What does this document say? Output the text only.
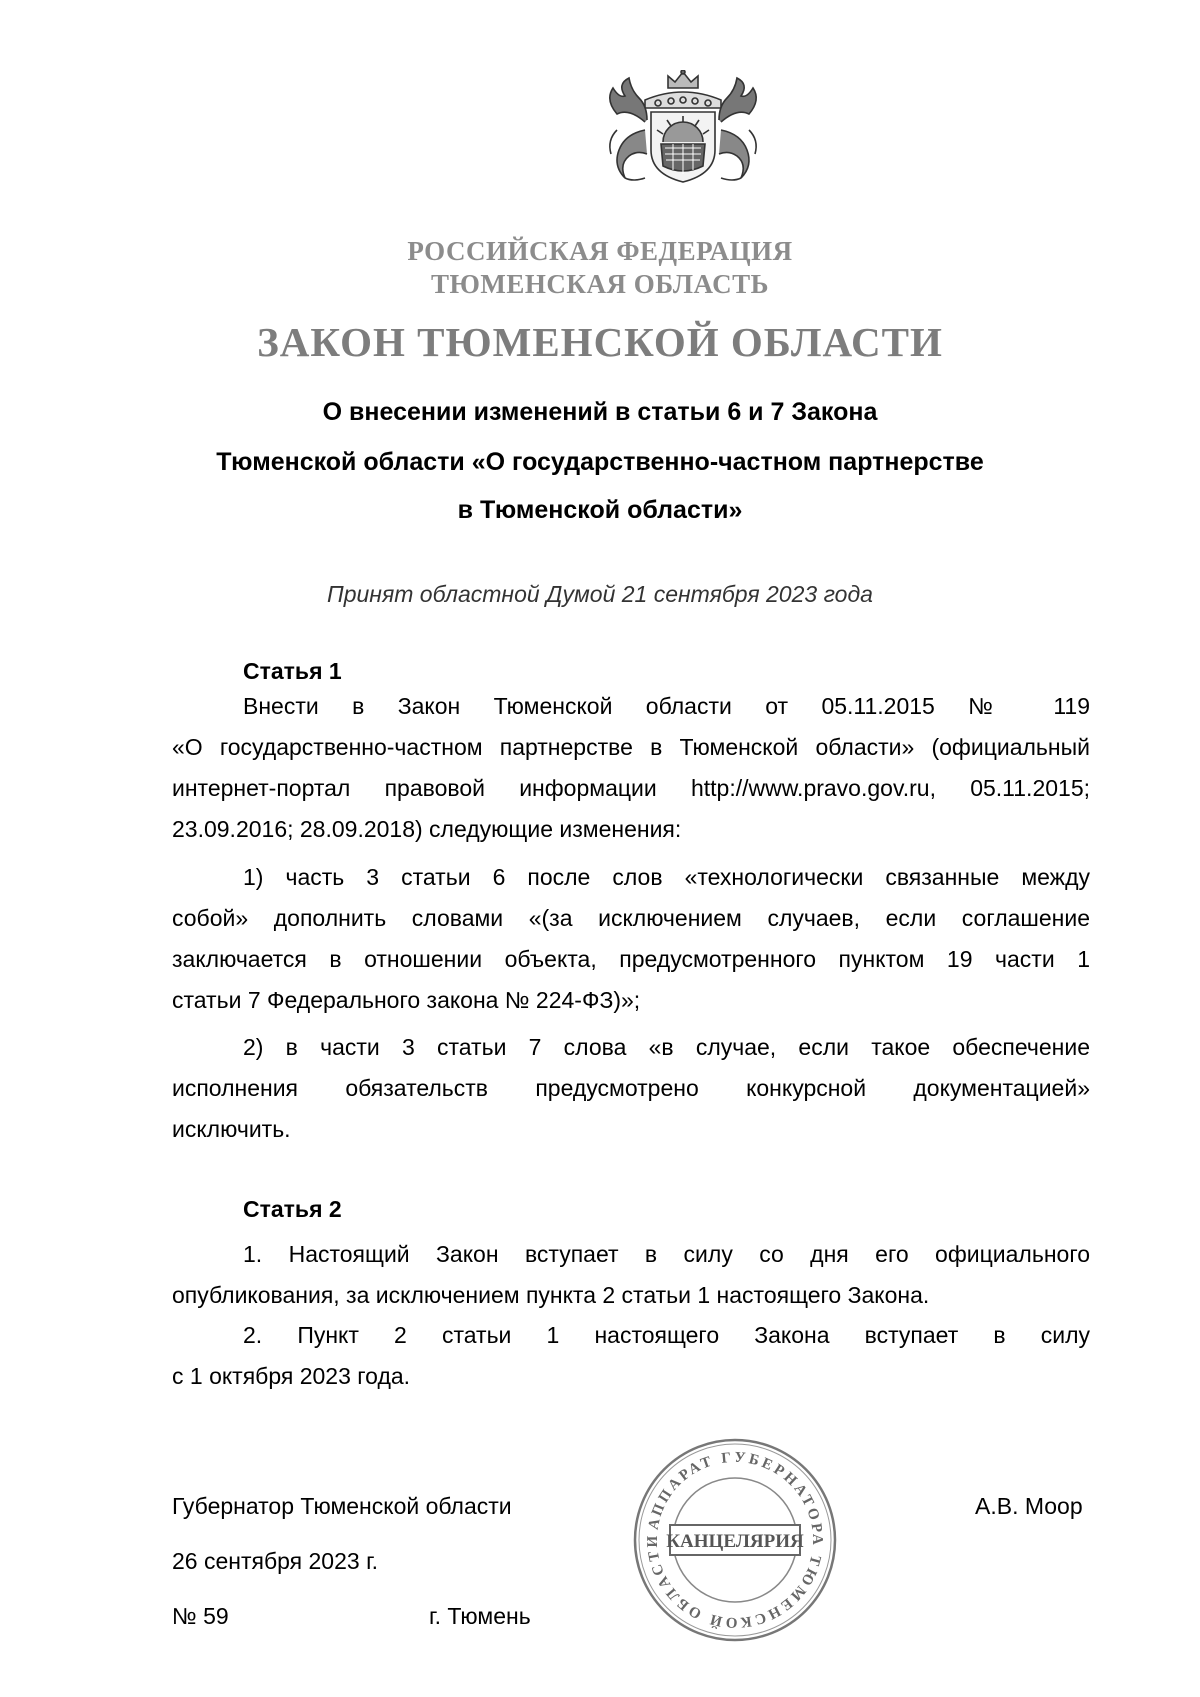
РОССИЙСКАЯ ФЕДЕРАЦИЯ
ТЮМЕНСКАЯ ОБЛАСТЬ
ЗАКОН ТЮМЕНСКОЙ ОБЛАСТИ
О внесении изменений в статьи 6 и 7 Закона
Тюменской области «О государственно-частном партнерстве
в Тюменской области»
Принят областной Думой 21 сентября 2023 года
Статья 1
Внести в Закон Тюменской области от 05.11.2015 № 119
«О государственно-частном партнерстве в Тюменской области» (официальный
интернет-портал правовой информации http://www.pravo.gov.ru, 05.11.2015;
23.09.2016; 28.09.2018) следующие изменения:
1) часть 3 статьи 6 после слов «технологически связанные между
собой» дополнить словами «(за исключением случаев, если соглашение
заключается в отношении объекта, предусмотренного пунктом 19 части 1
статьи 7 Федерального закона № 224-ФЗ)»;
2) в части 3 статьи 7 слова «в случае, если такое обеспечение
исполнения обязательств предусмотрено конкурсной документацией»
исключить.
Статья 2
1. Настоящий Закон вступает в силу со дня его официального
опубликования, за исключением пункта 2 статьи 1 настоящего Закона.
2. Пункт 2 статьи 1 настоящего Закона вступает в силу
с 1 октября 2023 года.
Губернатор Тюменской области	А.В. Моор
26 сентября 2023 г.
№ 59	г. Тюмень
АППАРАТ ГУБЕРНАТОРА ТЮМЕНСКОЙ ОБЛАСТИ КАНЦЕЛЯРИЯ
